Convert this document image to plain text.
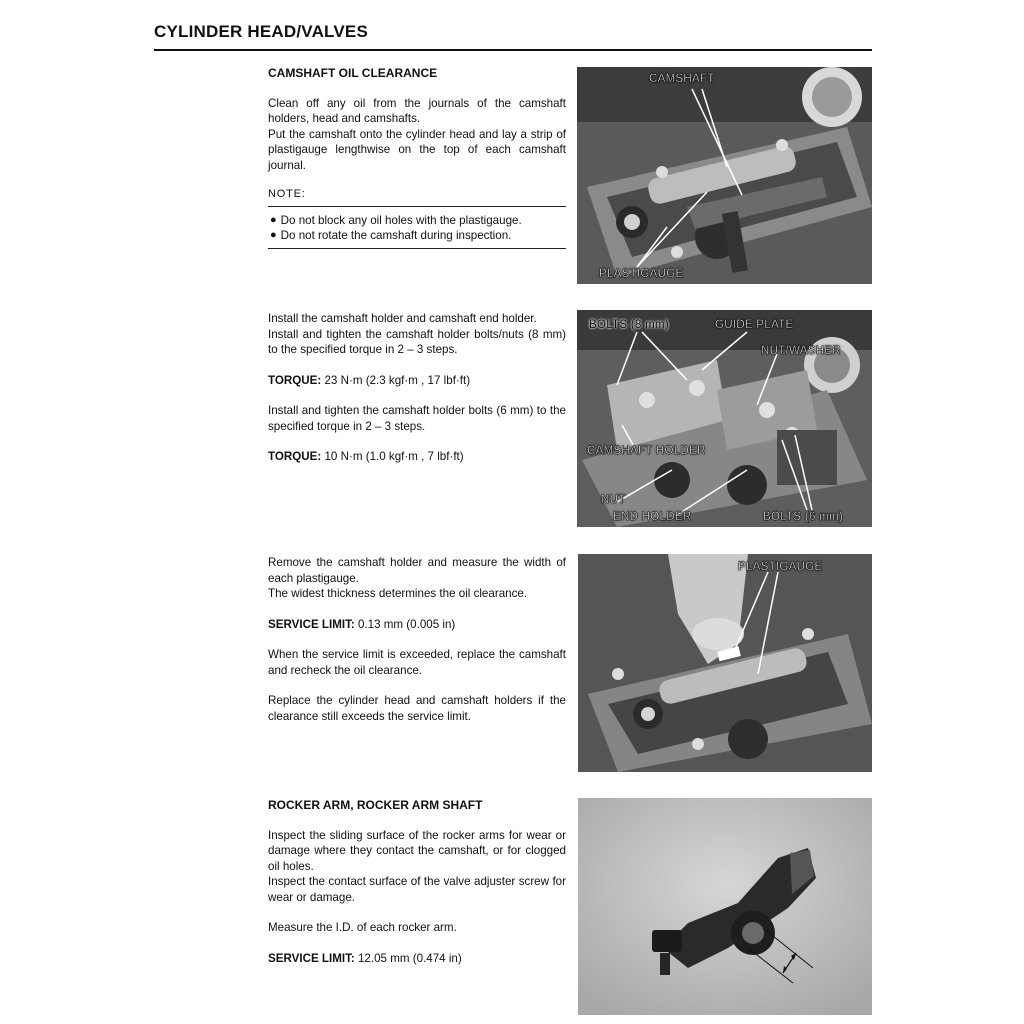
CYLINDER HEAD/VALVES

CAMSHAFT OIL CLEARANCE

Clean off any oil from the journals of the camshaft holders, head and camshafts.

Put the camshaft onto the cylinder head and lay a strip of plastigauge lengthwise on the top of each camshaft journal.

NOTE:

● Do not block any oil holes with the plastigauge.
● Do not rotate the camshaft during inspection.

Install the camshaft holder and camshaft end holder.

Install and tighten the camshaft holder bolts/nuts (8 mm) to the specified torque in 2 – 3 steps.

TORQUE: 23 N·m (2.3 kgf·m , 17 lbf·ft)

Install and tighten the camshaft holder bolts (6 mm) to the specified torque in 2 – 3 steps.

TORQUE: 10 N·m (1.0 kgf·m , 7 lbf·ft)

Remove the camshaft holder and measure the width of each plastigauge.

The widest thickness determines the oil clearance.

SERVICE LIMIT: 0.13 mm (0.005 in)

When the service limit is exceeded, replace the camshaft and recheck the oil clearance.

Replace the cylinder head and camshaft holders if the clearance still exceeds the service limit.

ROCKER ARM, ROCKER ARM SHAFT

Inspect the sliding surface of the rocker arms for wear or damage where they contact the camshaft, or for clogged oil holes.

Inspect the contact surface of the valve adjuster screw for wear or damage.

Measure the I.D. of each rocker arm.

SERVICE LIMIT: 12.05 mm (0.474 in)

CAMSHAFT
PLASTIGAUGE
BOLTS (8 mm)	GUIDE PLATE
NUT/WASHER
CAMSHAFT HOLDER
NUT
END HOLDER	BOLTS (6 mm)
PLASTIGAUGE
